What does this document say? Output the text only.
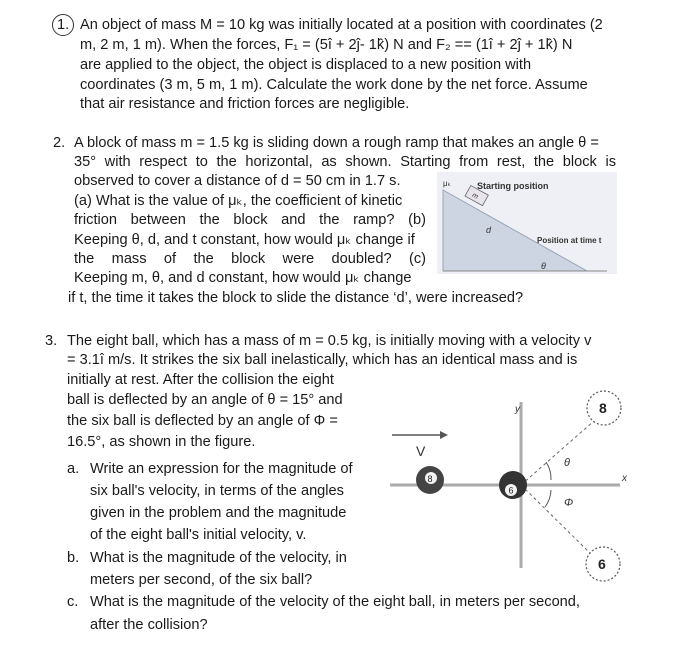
1. An object of mass M = 10 kg was initially located at a position with coordinates (2
m, 2 m, 1 m). When the forces, F₁ = (5î + 2ĵ- 1k̂) N and F₂ == (1î + 2ĵ + 1k̂) N
are applied to the object, the object is displaced to a new position with
coordinates (3 m, 5 m, 1 m). Calculate the work done by the net force. Assume
that air resistance and friction forces are negligible.
2. A block of mass m = 1.5 kg is sliding down a rough ramp that makes an angle θ =
35° with respect to the horizontal, as shown. Starting from rest, the block is
observed to cover a distance of d = 50 cm in 1.7 s.
(a) What is the value of μₖ, the coefficient of kinetic
friction between the block and the ramp? (b)
Keeping θ, d, and t constant, how would μₖ change if
the mass of the block were doubled? (c)
Keeping m, θ, and d constant, how would μₖ change
if t, the time it takes the block to slide the distance ‘d’, were increased?
m
μₖ	Starting position
d
Position at time t
θ
3. The eight ball, which has a mass of m = 0.5 kg, is initially moving with a velocity v
= 3.1î m/s. It strikes the six ball inelastically, which has an identical mass and is
initially at rest. After the collision the eight
ball is deflected by an angle of θ = 15° and
the six ball is deflected by an angle of Φ =
16.5°, as shown in the figure.
a. Write an expression for the magnitude of
six ball's velocity, in terms of the angles
given in the problem and the magnitude
of the eight ball's initial velocity, v.
b. What is the magnitude of the velocity, in
meters per second, of the six ball?
c. What is the magnitude of the velocity of the eight ball, in meters per second,
after the collision?
V
y
x
θ
Φ
8
6
8
6
